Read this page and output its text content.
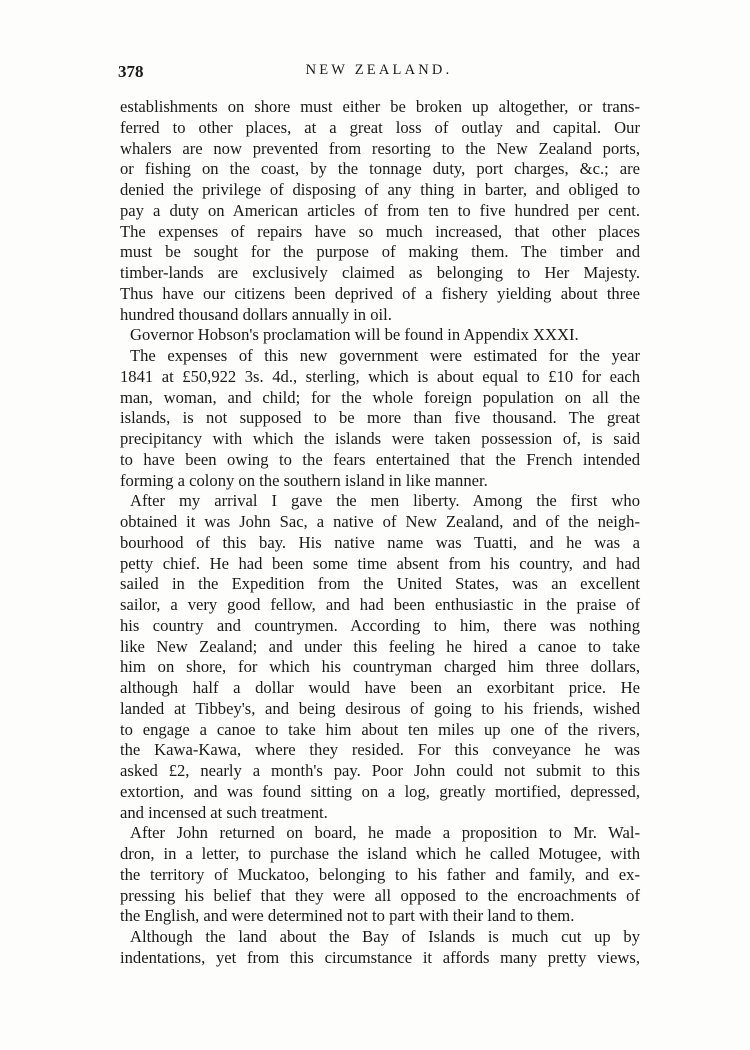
378	NEW ZEALAND.
establishments on shore must either be broken up altogether, or trans-
ferred to other places, at a great loss of outlay and capital. Our
whalers are now prevented from resorting to the New Zealand ports,
or fishing on the coast, by the tonnage duty, port charges, &c.; are
denied the privilege of disposing of any thing in barter, and obliged to
pay a duty on American articles of from ten to five hundred per cent.
The expenses of repairs have so much increased, that other places
must be sought for the purpose of making them. The timber and
timber-lands are exclusively claimed as belonging to Her Majesty.
Thus have our citizens been deprived of a fishery yielding about three
hundred thousand dollars annually in oil.
Governor Hobson's proclamation will be found in Appendix XXXI.
The expenses of this new government were estimated for the year
1841 at £50,922 3s. 4d., sterling, which is about equal to £10 for each
man, woman, and child; for the whole foreign population on all the
islands, is not supposed to be more than five thousand. The great
precipitancy with which the islands were taken possession of, is said
to have been owing to the fears entertained that the French intended
forming a colony on the southern island in like manner.
After my arrival I gave the men liberty. Among the first who
obtained it was John Sac, a native of New Zealand, and of the neigh-
bourhood of this bay. His native name was Tuatti, and he was a
petty chief. He had been some time absent from his country, and had
sailed in the Expedition from the United States, was an excellent
sailor, a very good fellow, and had been enthusiastic in the praise of
his country and countrymen. According to him, there was nothing
like New Zealand; and under this feeling he hired a canoe to take
him on shore, for which his countryman charged him three dollars,
although half a dollar would have been an exorbitant price. He
landed at Tibbey's, and being desirous of going to his friends, wished
to engage a canoe to take him about ten miles up one of the rivers,
the Kawa-Kawa, where they resided. For this conveyance he was
asked £2, nearly a month's pay. Poor John could not submit to this
extortion, and was found sitting on a log, greatly mortified, depressed,
and incensed at such treatment.
After John returned on board, he made a proposition to Mr. Wal-
dron, in a letter, to purchase the island which he called Motugee, with
the territory of Muckatoo, belonging to his father and family, and ex-
pressing his belief that they were all opposed to the encroachments of
the English, and were determined not to part with their land to them.
Although the land about the Bay of Islands is much cut up by
indentations, yet from this circumstance it affords many pretty views,
